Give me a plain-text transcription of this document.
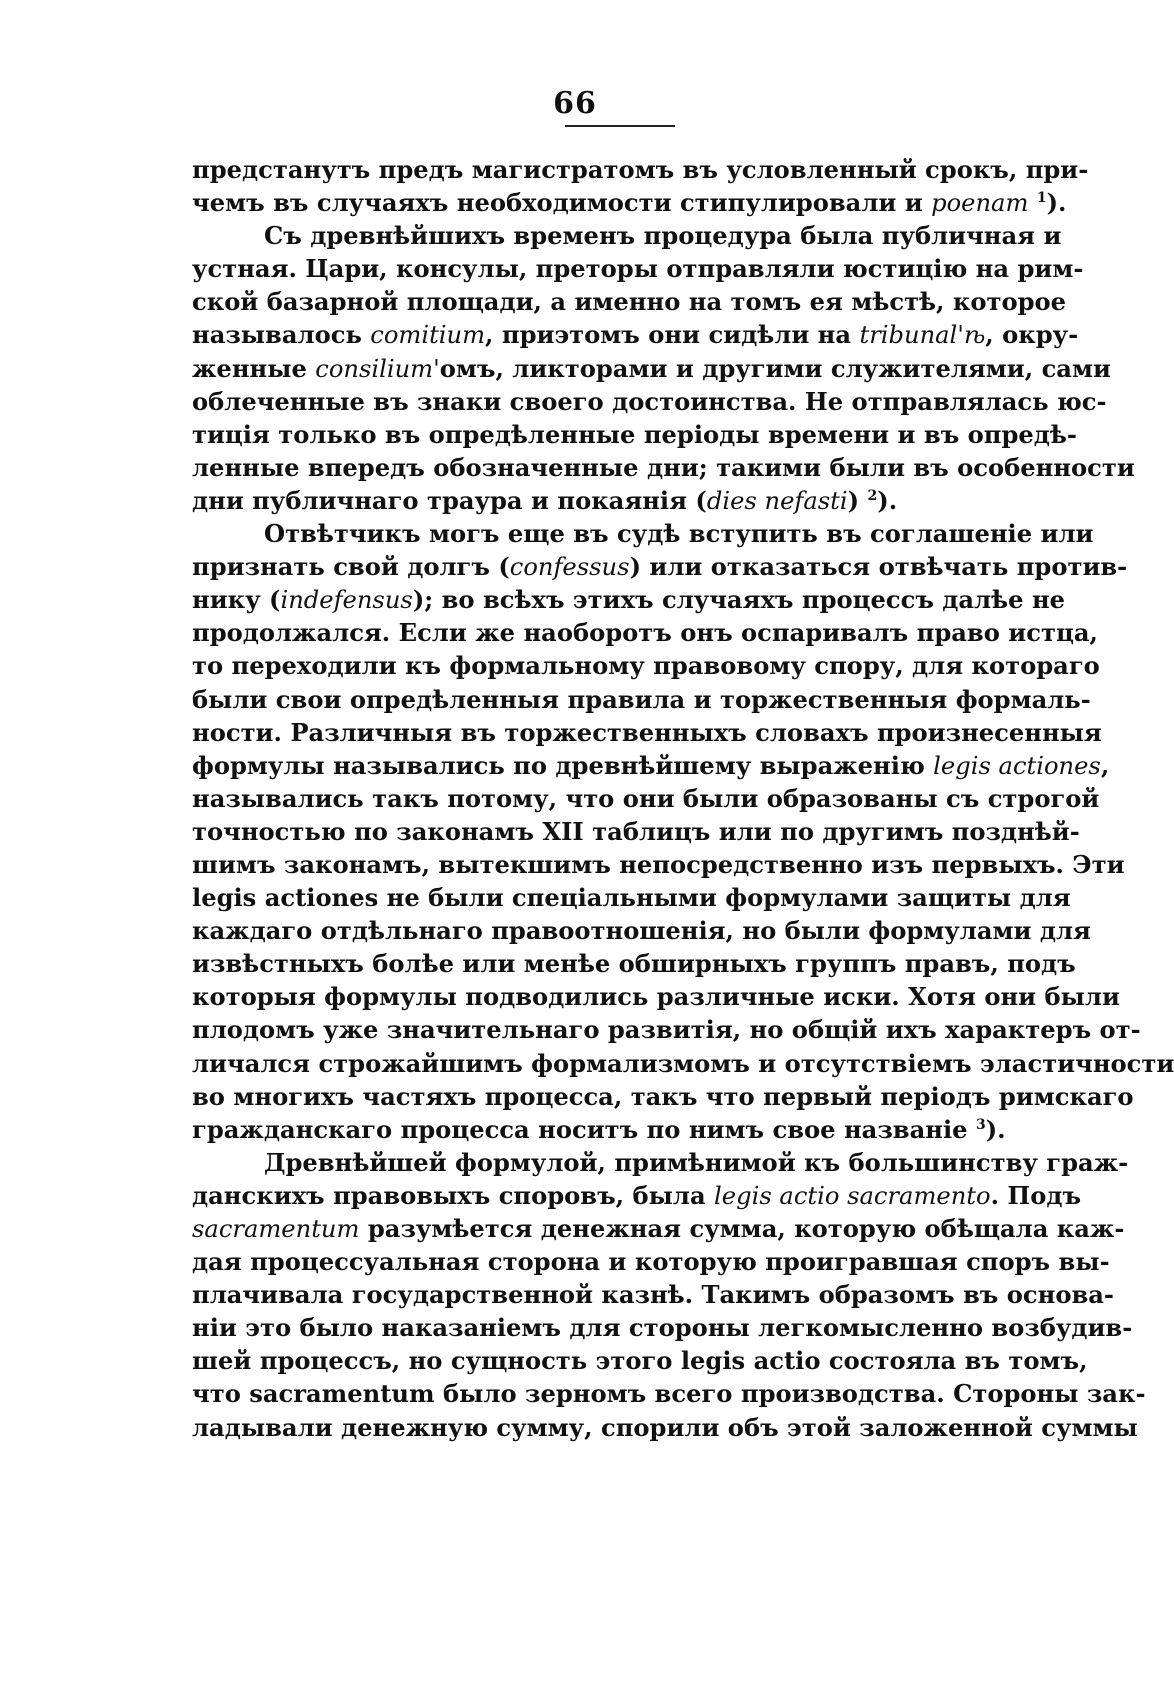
66
предстанутъ предъ магистратомъ въ условленный срокъ, при-
чемъ въ случаяхъ необходимости стипулировали и poenam $^1$).
Съ древнѣйшихъ временъ процедура была публичная и
устная. Цари, консулы, преторы отправляли юстицію на рим-
ской базарной площади, а именно на томъ ея мѣстѣ, которое
называлось comitium, приэтомъ они сидѣли на tribunal'ѣ, окру-
женные consilium'омъ, ликторами и другими служителями, сами
облеченные въ знаки своего достоинства. Не отправлялась юс-
тиція только въ опредѣленные періоды времени и въ опредѣ-
ленные впередъ обозначенные дни; такими были въ особенности
дни публичнаго траура и покаянія (dies nefasti) $^2$).
Отвѣтчикъ могъ еще въ судѣ вступить въ соглашеніе или
признать свой долгъ (confessus) или отказаться отвѣчать против-
нику (indefensus); во всѣхъ этихъ случаяхъ процессъ далѣе не
продолжался. Если же наоборотъ онъ оспаривалъ право истца,
то переходили къ формальному правовому спору, для котораго
были свои опредѣленныя правила и торжественныя формаль-
ности. Различныя въ торжественныхъ словахъ произнесенныя
формулы назывались по древнѣйшему выраженію legis actiones,
назывались такъ потому, что они были образованы съ строгой
точностью по законамъ XII таблицъ или по другимъ позднѣй-
шимъ законамъ, вытекшимъ непосредственно изъ первыхъ. Эти
legis actiones не были спеціальными формулами защиты для
каждаго отдѣльнаго правоотношенія, но были формулами для
извѣстныхъ болѣе или менѣе обширныхъ группъ правъ, подъ
которыя формулы подводились различные иски. Хотя они были
плодомъ уже значительнаго развитія, но общій ихъ характеръ от-
личался строжайшимъ формализмомъ и отсутствіемъ эластичности
во многихъ частяхъ процесса, такъ что первый періодъ римскаго
гражданскаго процесса носитъ по нимъ свое названіе $^3$).
Древнѣйшей формулой, примѣнимой къ большинству граж-
данскихъ правовыхъ споровъ, была legis actio sacramento. Подъ
sacramentum разумѣется денежная сумма, которую обѣщала каж-
дая процессуальная сторона и которую проигравшая споръ вы-
плачивала государственной казнѣ. Такимъ образомъ въ основа-
ніи это было наказаніемъ для стороны легкомысленно возбудив-
шей процессъ, но сущность этого legis actio состояла въ томъ,
что sacramentum было зерномъ всего производства. Стороны зак-
ладывали денежную сумму, спорили объ этой заложенной суммы
